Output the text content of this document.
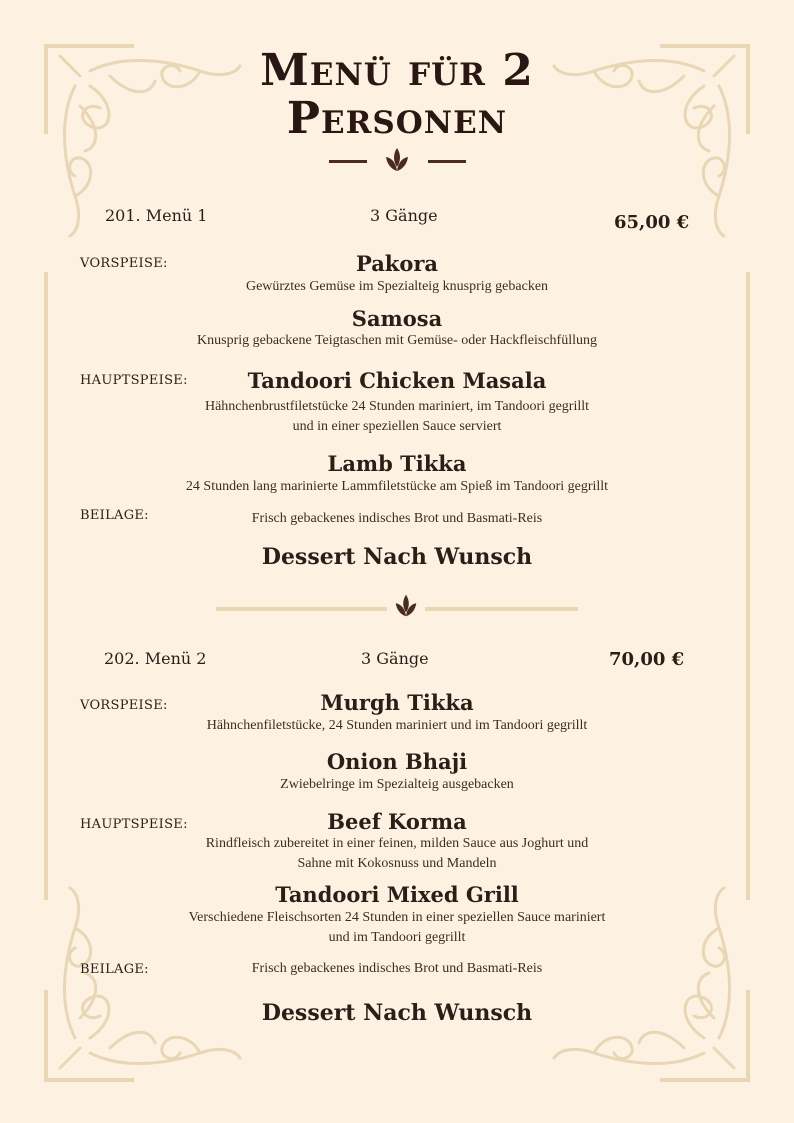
Menü für 2
Personen
201. Menü 1	3 Gänge	65,00 €
VORSPEISE:	Pakora
Gewürztes Gemüse im Spezialteig knusprig gebacken
Samosa
Knusprig gebackene Teigtaschen mit Gemüse- oder Hackfleischfüllung
HAUPTSPEISE:	Tandoori Chicken Masala
Hähnchenbrustfiletstücke 24 Stunden mariniert, im Tandoori gegrillt
und in einer speziellen Sauce serviert
Lamb Tikka
24 Stunden lang marinierte Lammfiletstücke am Spieß im Tandoori gegrillt
BEILAGE:	Frisch gebackenes indisches Brot und Basmati-Reis
Dessert Nach Wunsch
202. Menü 2	3 Gänge	70,00 €
VORSPEISE:	Murgh Tikka
Hähnchenfiletstücke, 24 Stunden mariniert und im Tandoori gegrillt
Onion Bhaji
Zwiebelringe im Spezialteig ausgebacken
HAUPTSPEISE:	Beef Korma
Rindfleisch zubereitet in einer feinen, milden Sauce aus Joghurt und
Sahne mit Kokosnuss und Mandeln
Tandoori Mixed Grill
Verschiedene Fleischsorten 24 Stunden in einer speziellen Sauce mariniert
und im Tandoori gegrillt
BEILAGE:	Frisch gebackenes indisches Brot und Basmati-Reis
Dessert Nach Wunsch
